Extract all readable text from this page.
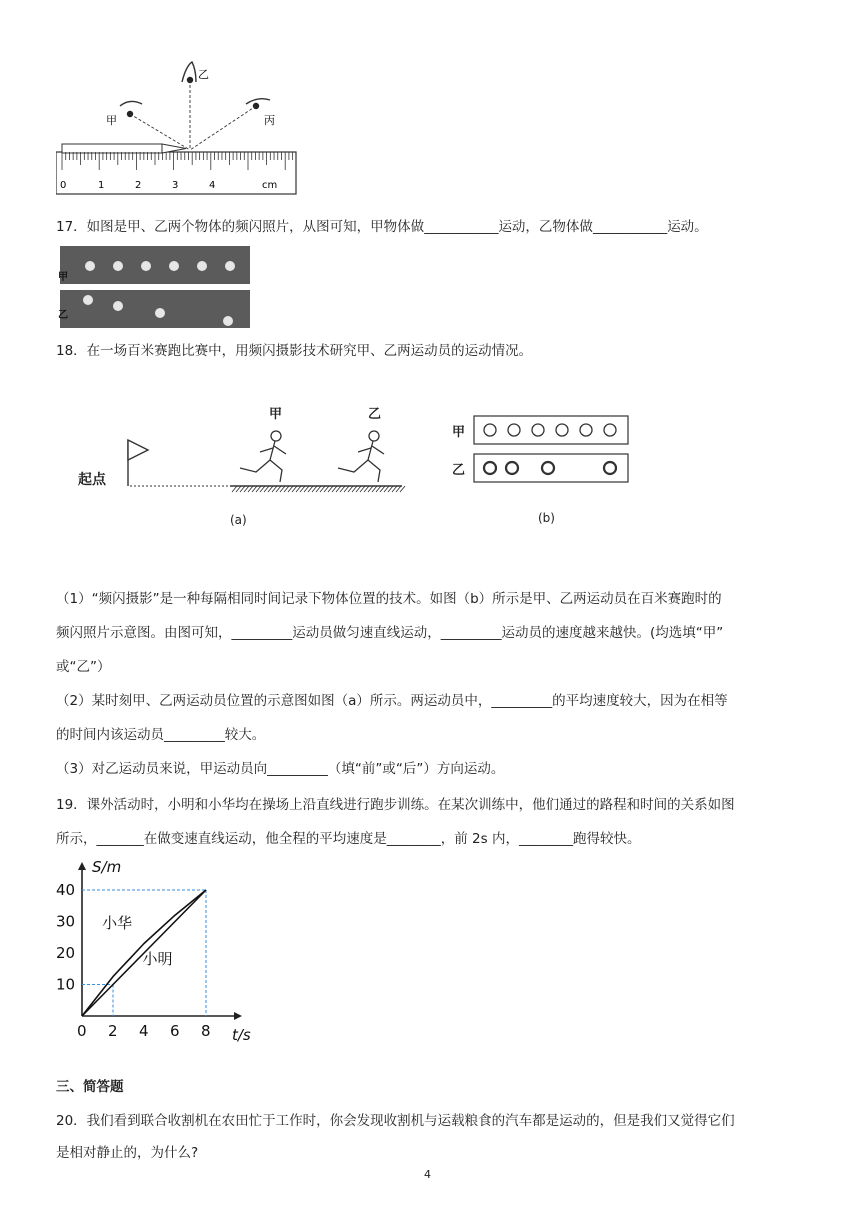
甲
乙
丙
0	1	2	3	4	cm
17．如图是甲、乙两个物体的频闪照片，从图可知，甲物体做___________运动，乙物体做___________运动。
甲
乙
18．在一场百米赛跑比赛中，用频闪摄影技术研究甲、乙两运动员的运动情况。
起点
甲	乙
(a)
甲
乙
(b)
（1）“频闪摄影”是一种每隔相同时间记录下物体位置的技术。如图（b）所示是甲、乙两运动员在百米赛跑时的
频闪照片示意图。由图可知，_________运动员做匀速直线运动，_________运动员的速度越来越快。(均选填“甲”
或“乙”）
（2）某时刻甲、乙两运动员位置的示意图如图（a）所示。两运动员中，_________的平均速度较大，因为在相等
的时间内该运动员_________较大。
（3）对乙运动员来说，甲运动员向_________（填“前”或“后”）方向运动。
19．课外活动时，小明和小华均在操场上沿直线进行跑步训练。在某次训练中，他们通过的路程和时间的关系如图
所示，_______在做变速直线运动，他全程的平均速度是________，前 2s 内，________跑得较快。
0 2 4 6 8
10
20
30
40
t/s
S/m
小华
小明
三、简答题
20．我们看到联合收割机在农田忙于工作时，你会发现收割机与运载粮食的汽车都是运动的，但是我们又觉得它们
是相对静止的，为什么?
4
